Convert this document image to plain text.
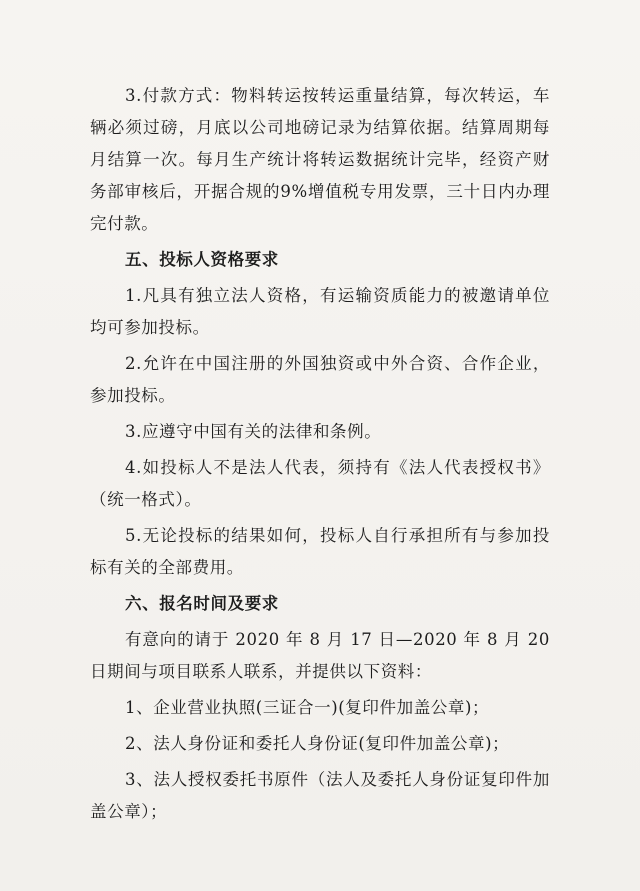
3.付款方式：物料转运按转运重量结算，每次转运，车辆必须过磅，月底以公司地磅记录为结算依据。结算周期每月结算一次。每月生产统计将转运数据统计完毕，经资产财务部审核后，开据合规的9%增值税专用发票，三十日内办理完付款。

五、投标人资格要求

1.凡具有独立法人资格，有运输资质能力的被邀请单位均可参加投标。

2.允许在中国注册的外国独资或中外合资、合作企业，参加投标。

3.应遵守中国有关的法律和条例。

4.如投标人不是法人代表，须持有《法人代表授权书》（统一格式）。

5.无论投标的结果如何，投标人自行承担所有与参加投标有关的全部费用。

六、报名时间及要求

有意向的请于 2020 年 8 月 17 日—2020 年 8 月 20 日期间与项目联系人联系，并提供以下资料：

1、企业营业执照(三证合一)(复印件加盖公章)；

2、法人身份证和委托人身份证(复印件加盖公章)；

3、法人授权委托书原件（法人及委托人身份证复印件加盖公章）；
